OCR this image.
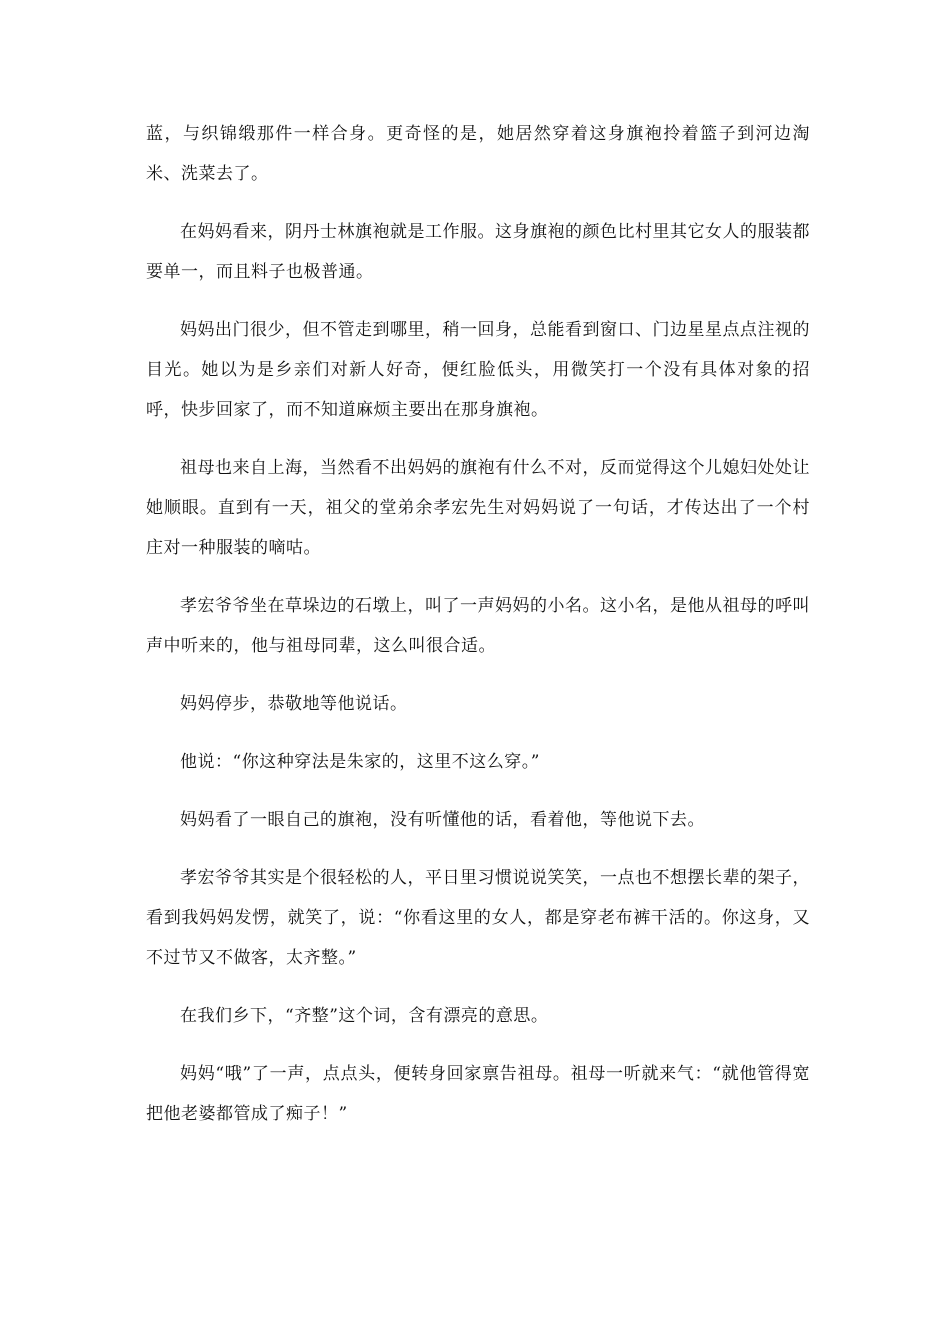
蓝，与织锦缎那件一样合身。更奇怪的是，她居然穿着这身旗袍拎着篮子到河边淘米、洗菜去了。

在妈妈看来，阴丹士林旗袍就是工作服。这身旗袍的颜色比村里其它女人的服装都要单一，而且料子也极普通。

妈妈出门很少，但不管走到哪里，稍一回身，总能看到窗口、门边星星点点注视的目光。她以为是乡亲们对新人好奇，便红脸低头，用微笑打一个没有具体对象的招呼，快步回家了，而不知道麻烦主要出在那身旗袍。

祖母也来自上海，当然看不出妈妈的旗袍有什么不对，反而觉得这个儿媳妇处处让她顺眼。直到有一天，祖父的堂弟余孝宏先生对妈妈说了一句话，才传达出了一个村庄对一种服装的嘀咕。

孝宏爷爷坐在草垛边的石墩上，叫了一声妈妈的小名。这小名，是他从祖母的呼叫声中听来的，他与祖母同辈，这么叫很合适。

妈妈停步，恭敬地等他说话。

他说：“你这种穿法是朱家的，这里不这么穿。”

妈妈看了一眼自己的旗袍，没有听懂他的话，看着他，等他说下去。

孝宏爷爷其实是个很轻松的人，平日里习惯说说笑笑，一点也不想摆长辈的架子，看到我妈妈发愣，就笑了，说：“你看这里的女人，都是穿老布裤干活的。你这身，又不过节又不做客，太齐整。”

在我们乡下，“齐整”这个词，含有漂亮的意思。

妈妈“哦”了一声，点点头，便转身回家禀告祖母。祖母一听就来气：“就他管得宽把他老婆都管成了痴子！”
